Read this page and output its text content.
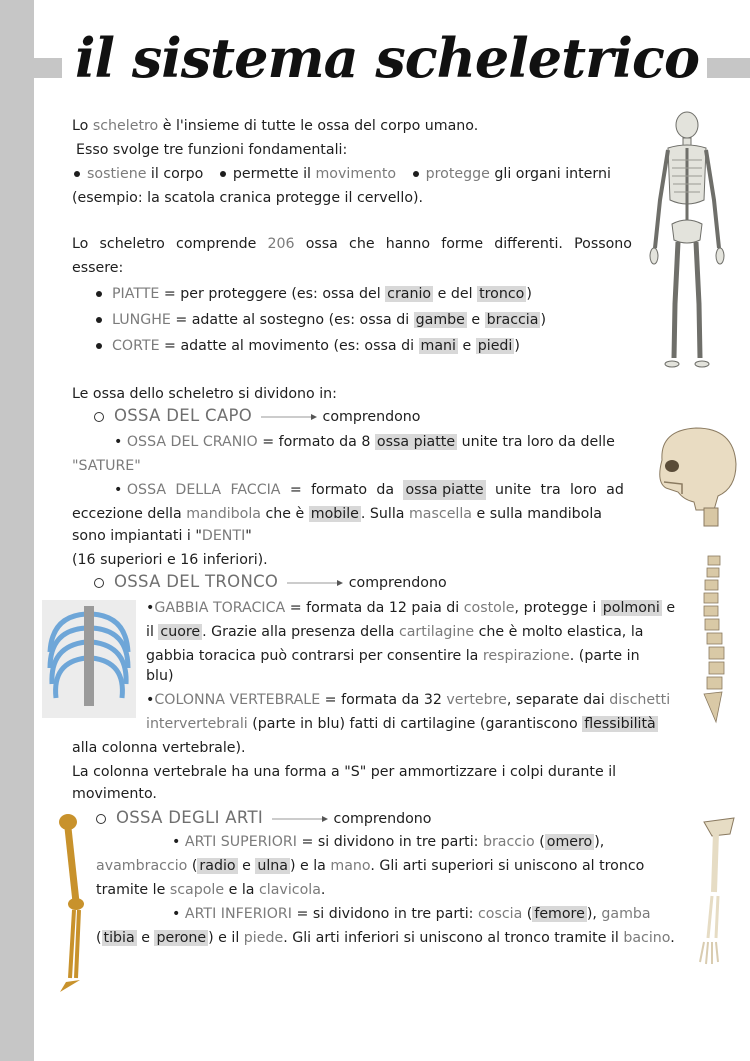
il sistema scheletrico
Lo scheletro è l'insieme di tutte le ossa del corpo umano.
Esso svolge tre funzioni fondamentali:
sostiene il corpo permette il movimento protegge gli organi interni
(esempio: la scatola cranica protegge il cervello).
Lo scheletro comprende 206 ossa che hanno forme differenti. Possono
essere:
PIATTE = per proteggere (es: ossa del cranio e del tronco )
LUNGHE = adatte al sostegno (es: ossa di gambe e braccia )
CORTE = adatte al movimento (es: ossa di mani e piedi )
Le ossa dello scheletro si dividono in:
OSSA DEL CAPO	comprendono
• OSSA DEL CRANIO = formato da 8 ossa piatte unite tra loro da delle
"SATURE"
• OSSA DELLA FACCIA = formato da ossa piatte unite tra loro ad
eccezione della mandibola che è mobile . Sulla mascella e sulla mandibola
sono impiantati i "DENTI"
(16 superiori e 16 inferiori).
OSSA DEL TRONCO	comprendono
•GABBIA TORACICA = formata da 12 paia di costole, protegge i polmoni e
il cuore . Grazie alla presenza della cartilagine che è molto elastica, la
gabbia toracica può contrarsi per consentire la respirazione. (parte in
blu)
•COLONNA VERTEBRALE = formata da 32 vertebre, separate dai dischetti
intervertebrali (parte in blu) fatti di cartilagine (garantiscono flessibilità
alla colonna vertebrale).
La colonna vertebrale ha una forma a "S" per ammortizzare i colpi durante il
movimento.
OSSA DEGLI ARTI	comprendono
• ARTI SUPERIORI = si dividono in tre parti: braccio ( omero ),
avambraccio ( radio e ulna ) e la mano. Gli arti superiori si uniscono al tronco
tramite le scapole e la clavicola.
• ARTI INFERIORI = si dividono in tre parti: coscia ( femore ), gamba
( tibia e perone ) e il piede. Gli arti inferiori si uniscono al tronco tramite il bacino.
